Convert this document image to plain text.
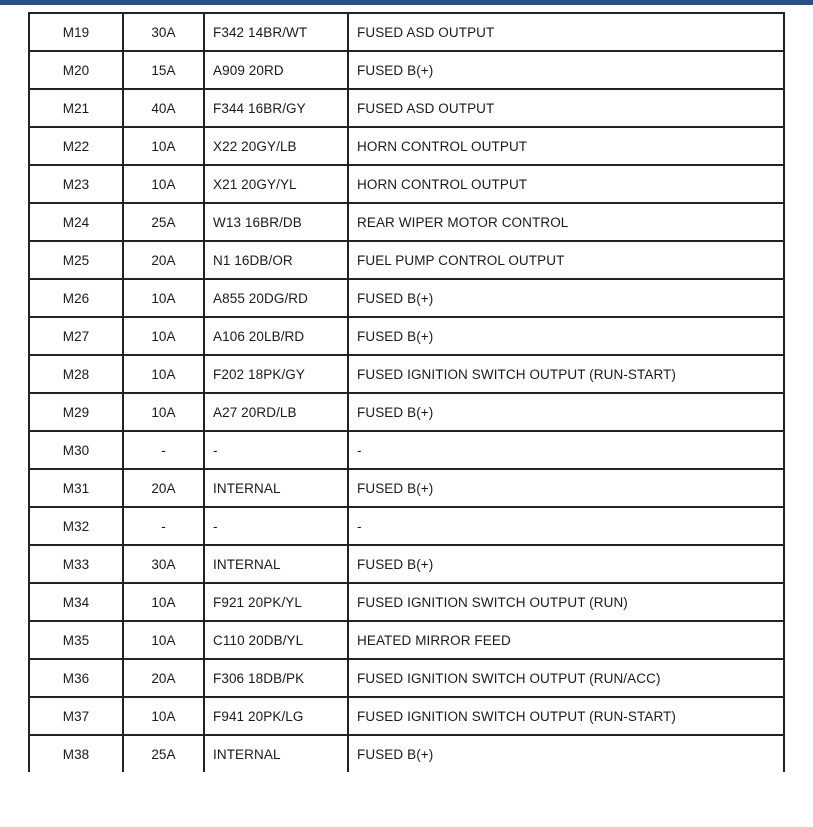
M19	30A	F342 14BR/WT	FUSED ASD OUTPUT
M20	15A	A909 20RD	FUSED B(+)
M21	40A	F344 16BR/GY	FUSED ASD OUTPUT
M22	10A	X22 20GY/LB	HORN CONTROL OUTPUT
M23	10A	X21 20GY/YL	HORN CONTROL OUTPUT
M24	25A	W13 16BR/DB	REAR WIPER MOTOR CONTROL
M25	20A	N1 16DB/OR	FUEL PUMP CONTROL OUTPUT
M26	10A	A855 20DG/RD	FUSED B(+)
M27	10A	A106 20LB/RD	FUSED B(+)
M28	10A	F202 18PK/GY	FUSED IGNITION SWITCH OUTPUT (RUN-START)
M29	10A	A27 20RD/LB	FUSED B(+)
M30	-	-	-
M31	20A	INTERNAL	FUSED B(+)
M32	-	-	-
M33	30A	INTERNAL	FUSED B(+)
M34	10A	F921 20PK/YL	FUSED IGNITION SWITCH OUTPUT (RUN)
M35	10A	C110 20DB/YL	HEATED MIRROR FEED
M36	20A	F306 18DB/PK	FUSED IGNITION SWITCH OUTPUT (RUN/ACC)
M37	10A	F941 20PK/LG	FUSED IGNITION SWITCH OUTPUT (RUN-START)
M38	25A	INTERNAL	FUSED B(+)
